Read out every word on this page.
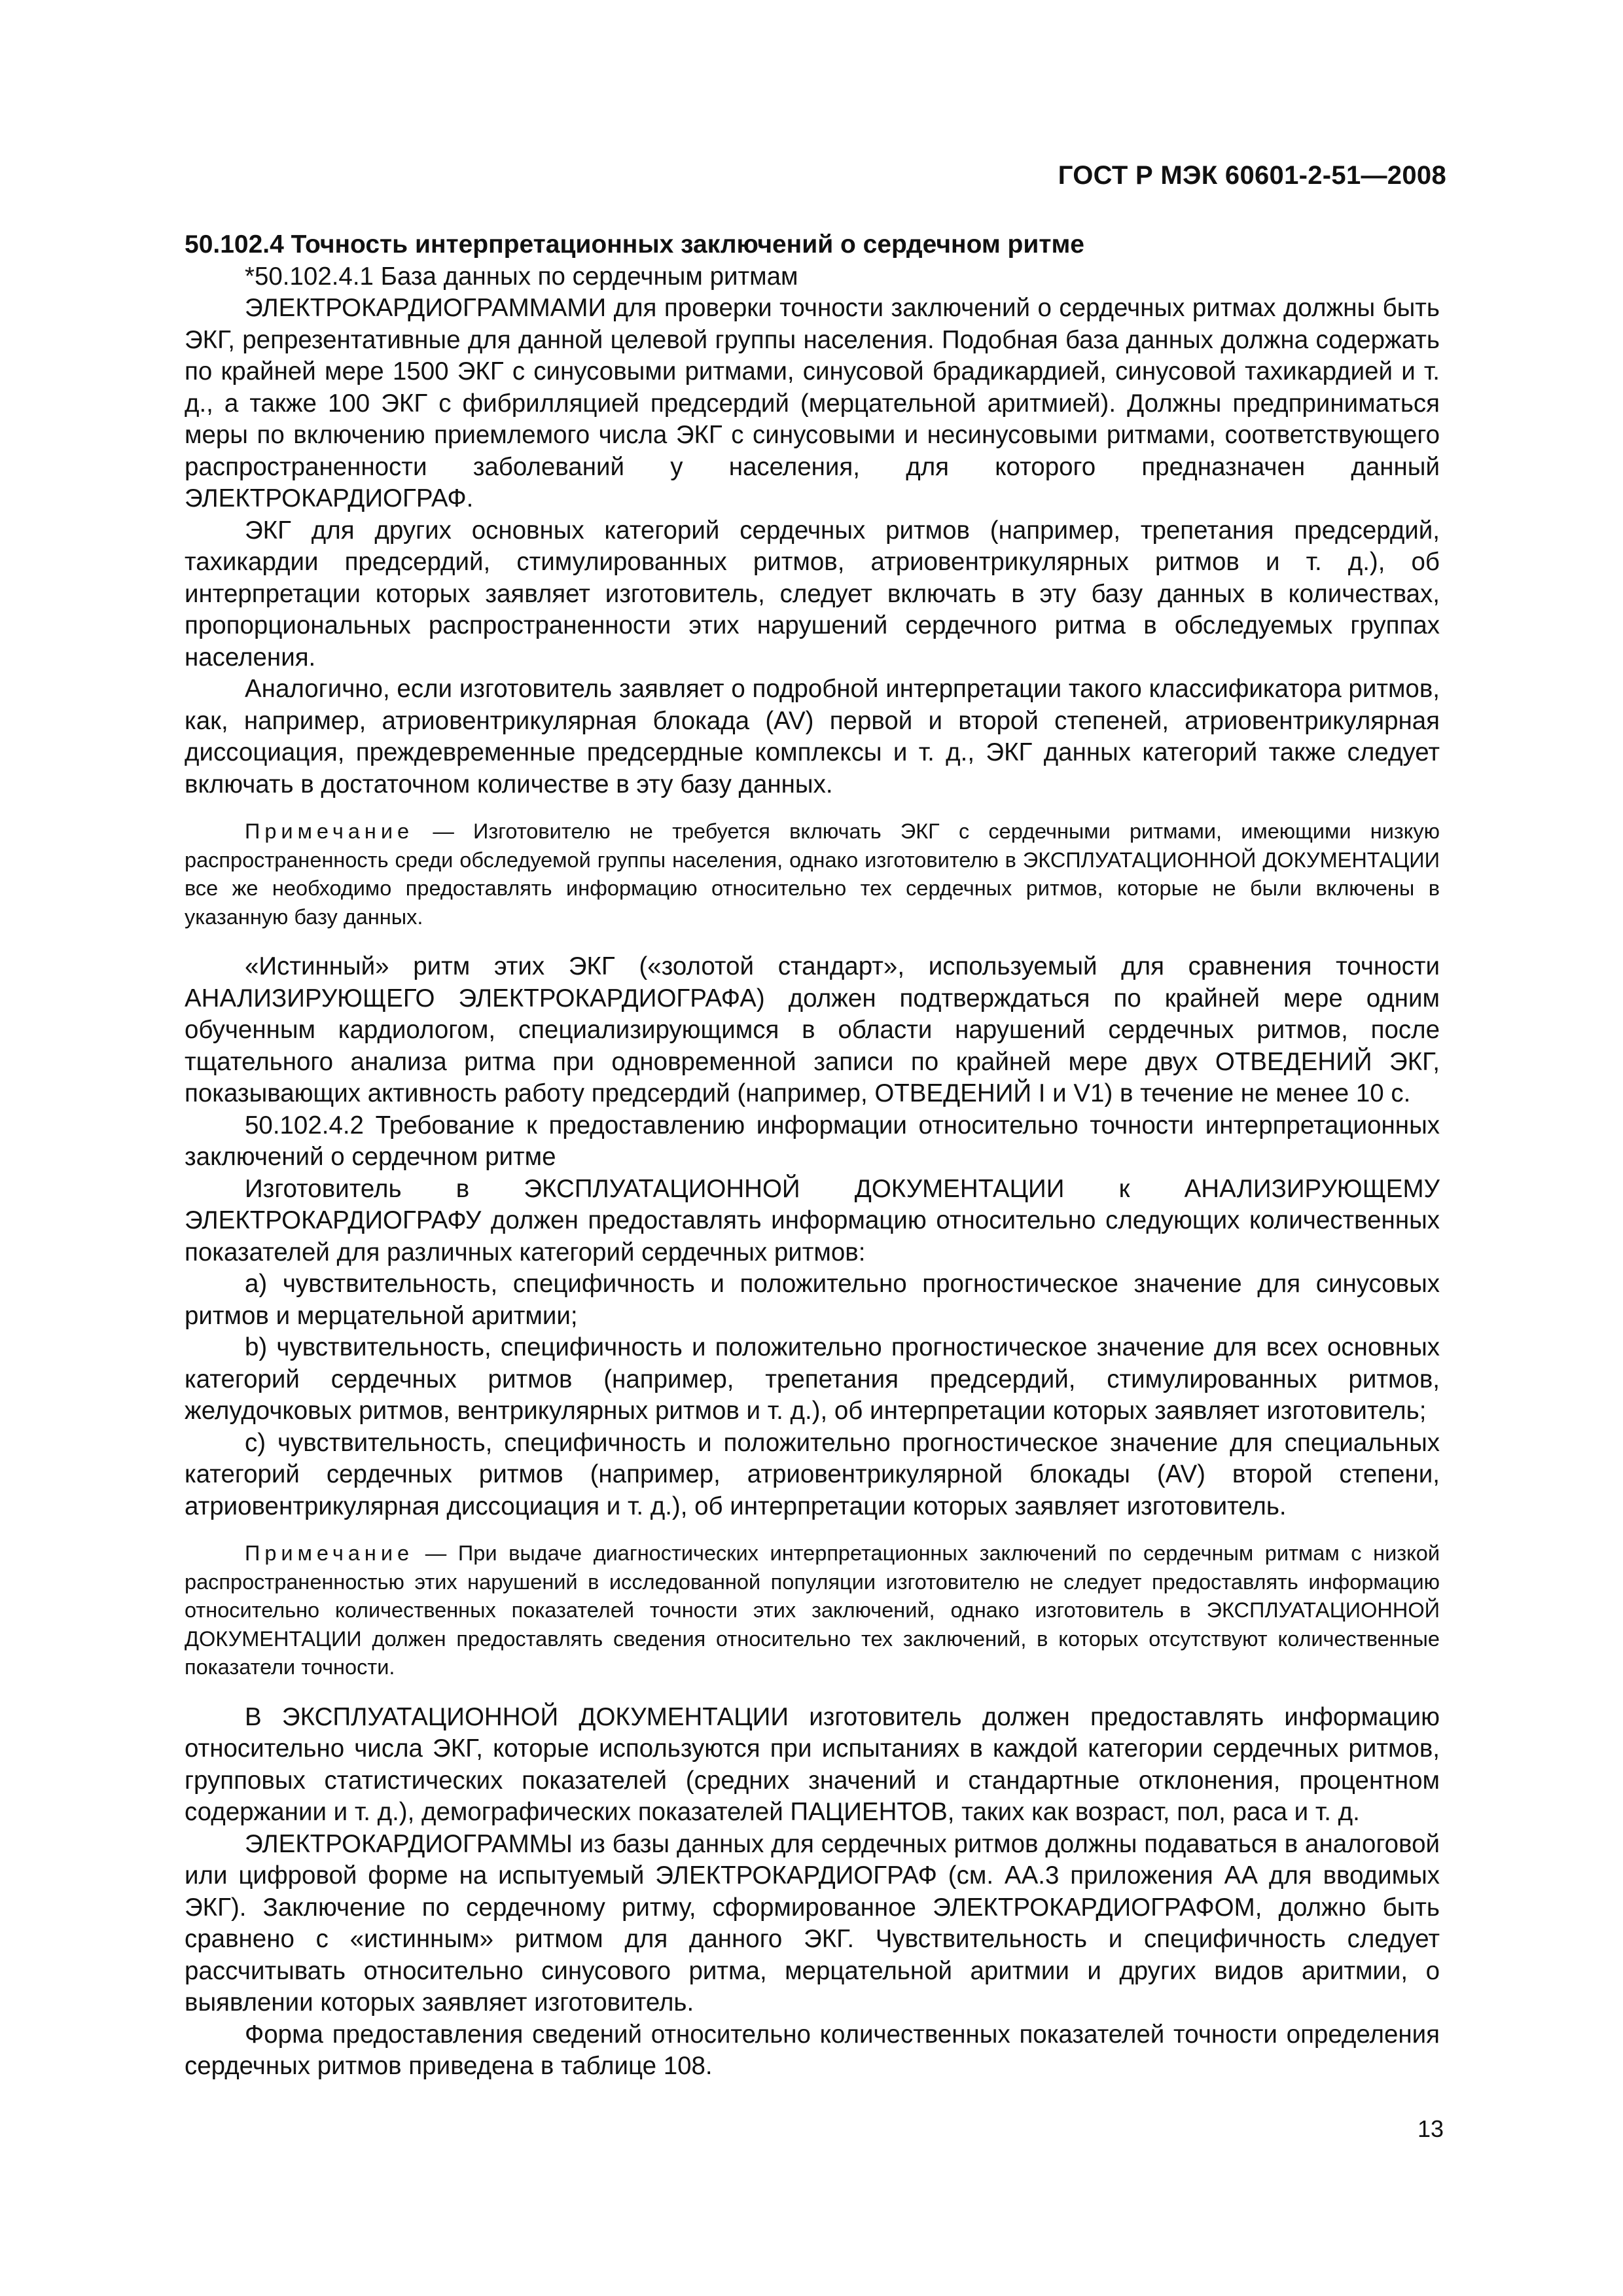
ГОСТ Р МЭК 60601-2-51—2008

50.102.4 Точность интерпретационных заключений о сердечном ритме

*50.102.4.1 База данных по сердечным ритмам

ЭЛЕКТРОКАРДИОГРАММАМИ для проверки точности заключений о сердечных ритмах должны быть ЭКГ, репрезентативные для данной целевой группы населения. Подобная база данных должна содержать по крайней мере 1500 ЭКГ с синусовыми ритмами, синусовой брадикардией, синусовой тахикардией и т. д., а также 100 ЭКГ с фибрилляцией предсердий (мерцательной аритмией). Должны предприниматься меры по включению приемлемого числа ЭКГ с синусовыми и несинусовыми ритмами, соответствующего распространенности заболеваний у населения, для которого предназначен данный ЭЛЕКТРОКАРДИОГРАФ.

ЭКГ для других основных категорий сердечных ритмов (например, трепетания предсердий, тахикардии предсердий, стимулированных ритмов, атриовентрикулярных ритмов и т. д.), об интерпретации которых заявляет изготовитель, следует включать в эту базу данных в количествах, пропорциональных распространенности этих нарушений сердечного ритма в обследуемых группах населения.

Аналогично, если изготовитель заявляет о подробной интерпретации такого классификатора ритмов, как, например, атриовентрикулярная блокада (AV) первой и второй степеней, атриовентрикулярная диссоциация, преждевременные предсердные комплексы и т. д., ЭКГ данных категорий также следует включать в достаточном количестве в эту базу данных.

Примечание — Изготовителю не требуется включать ЭКГ с сердечными ритмами, имеющими низкую распространенность среди обследуемой группы населения, однако изготовителю в ЭКСПЛУАТАЦИОННОЙ ДОКУМЕНТАЦИИ все же необходимо предоставлять информацию относительно тех сердечных ритмов, которые не были включены в указанную базу данных.

«Истинный» ритм этих ЭКГ («золотой стандарт», используемый для сравнения точности АНАЛИЗИРУЮЩЕГО ЭЛЕКТРОКАРДИОГРАФА) должен подтверждаться по крайней мере одним обученным кардиологом, специализирующимся в области нарушений сердечных ритмов, после тщательного анализа ритма при одновременной записи по крайней мере двух ОТВЕДЕНИЙ ЭКГ, показывающих активность работу предсердий (например, ОТВЕДЕНИЙ I и V1) в течение не менее 10 с.

50.102.4.2 Требование к предоставлению информации относительно точности интерпретационных заключений о сердечном ритме

Изготовитель в ЭКСПЛУАТАЦИОННОЙ ДОКУМЕНТАЦИИ к АНАЛИЗИРУЮЩЕМУ ЭЛЕКТРОКАРДИОГРАФУ должен предоставлять информацию относительно следующих количественных показателей для различных категорий сердечных ритмов:

a) чувствительность, специфичность и положительно прогностическое значение для синусовых ритмов и мерцательной аритмии;

b) чувствительность, специфичность и положительно прогностическое значение для всех основных категорий сердечных ритмов (например, трепетания предсердий, стимулированных ритмов, желудочковых ритмов, вентрикулярных ритмов и т. д.), об интерпретации которых заявляет изготовитель;

c) чувствительность, специфичность и положительно прогностическое значение для специальных категорий сердечных ритмов (например, атриовентрикулярной блокады (AV) второй степени, атриовентрикулярная диссоциация и т. д.), об интерпретации которых заявляет изготовитель.

Примечание — При выдаче диагностических интерпретационных заключений по сердечным ритмам с низкой распространенностью этих нарушений в исследованной популяции изготовителю не следует предоставлять информацию относительно количественных показателей точности этих заключений, однако изготовитель в ЭКСПЛУАТАЦИОННОЙ ДОКУМЕНТАЦИИ должен предоставлять сведения относительно тех заключений, в которых отсутствуют количественные показатели точности.

В ЭКСПЛУАТАЦИОННОЙ ДОКУМЕНТАЦИИ изготовитель должен предоставлять информацию относительно числа ЭКГ, которые используются при испытаниях в каждой категории сердечных ритмов, групповых статистических показателей (средних значений и стандартные отклонения, процентном содержании и т. д.), демографических показателей ПАЦИЕНТОВ, таких как возраст, пол, раса и т. д.

ЭЛЕКТРОКАРДИОГРАММЫ из базы данных для сердечных ритмов должны подаваться в аналоговой или цифровой форме на испытуемый ЭЛЕКТРОКАРДИОГРАФ (см. АА.3 приложения АА для вводимых ЭКГ). Заключение по сердечному ритму, сформированное ЭЛЕКТРОКАРДИОГРАФОМ, должно быть сравнено с «истинным» ритмом для данного ЭКГ. Чувствительность и специфичность следует рассчитывать относительно синусового ритма, мерцательной аритмии и других видов аритмии, о выявлении которых заявляет изготовитель.

Форма предоставления сведений относительно количественных показателей точности определения сердечных ритмов приведена в таблице 108.

13
